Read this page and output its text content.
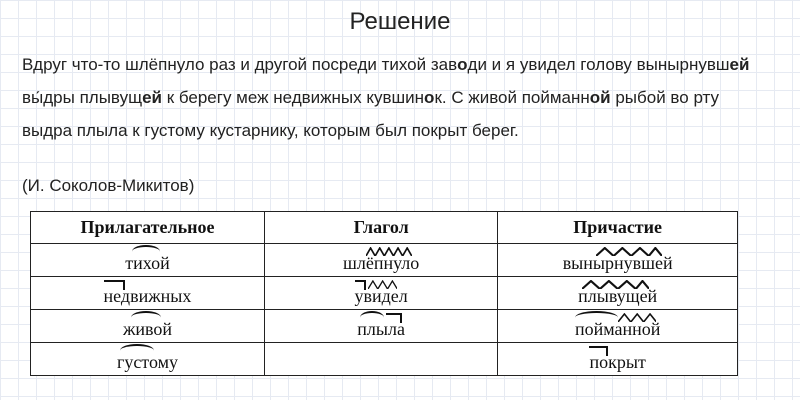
Решение
Вдруг что-то шлёпнуло раз и другой посреди тихой заводи и я увидел голову вынырнувшей
вы́дры плывущей к берегу меж недвижных кувшинок. С живой пойманной рыбой во рту
выдра плыла к густому кустарнику, которым был покрыт берег.
(И. Соколов-Микитов)
Прилагательное	Глагол	Причастие

тихой	шлёпнуло	вынырнувшей

недвижных	увидел	плывущей

живой	плыла	пойманной

густому		покрыт
